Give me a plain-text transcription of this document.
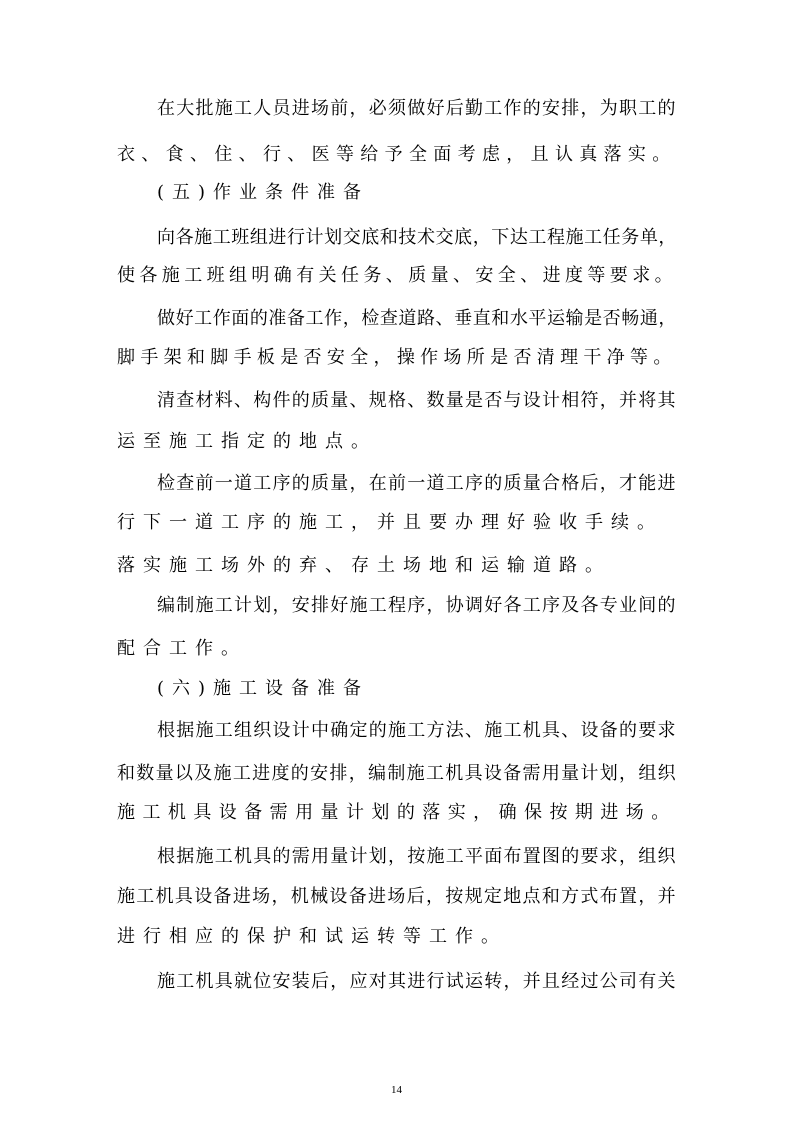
在大批施工人员进场前，必须做好后勤工作的安排，为职工的

衣、食、住、行、医等给予全面考虑，且认真落实。

(五)作业条件准备

向各施工班组进行计划交底和技术交底，下达工程施工任务单，

使各施工班组明确有关任务、质量、安全、进度等要求。

做好工作面的准备工作，检查道路、垂直和水平运输是否畅通，

脚手架和脚手板是否安全，操作场所是否清理干净等。

清查材料、构件的质量、规格、数量是否与设计相符，并将其

运至施工指定的地点。

检查前一道工序的质量，在前一道工序的质量合格后，才能进

行下一道工序的施工，并且要办理好验收手续。

落实施工场外的弃、存土场地和运输道路。

编制施工计划，安排好施工程序，协调好各工序及各专业间的

配合工作。

(六)施工设备准备

根据施工组织设计中确定的施工方法、施工机具、设备的要求

和数量以及施工进度的安排，编制施工机具设备需用量计划，组织

施工机具设备需用量计划的落实，确保按期进场。

根据施工机具的需用量计划，按施工平面布置图的要求，组织

施工机具设备进场，机械设备进场后，按规定地点和方式布置，并

进行相应的保护和试运转等工作。

施工机具就位安装后，应对其进行试运转，并且经过公司有关

14
